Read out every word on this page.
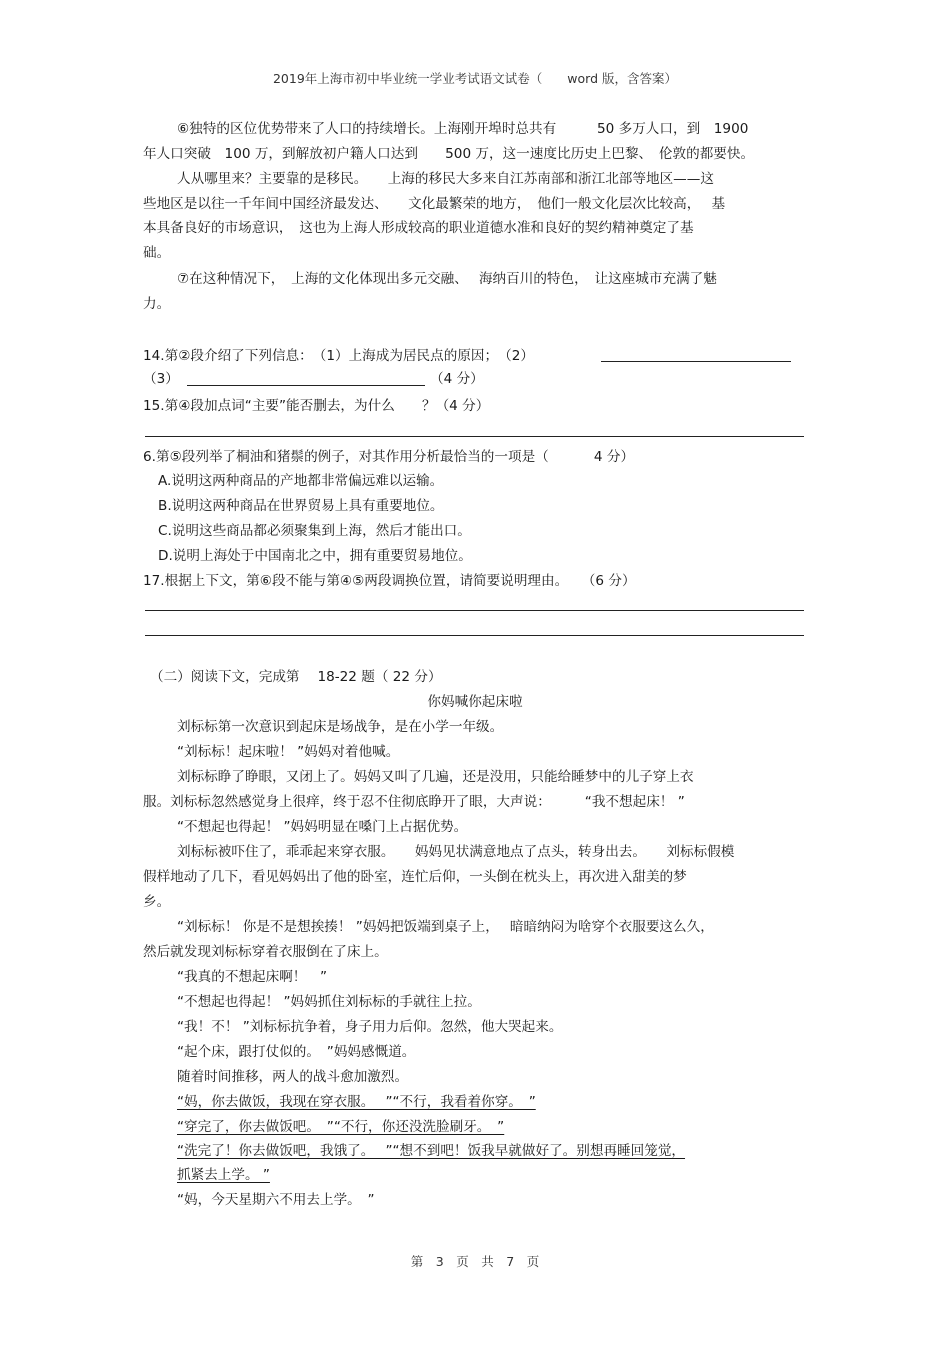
2019年上海市初中毕业统一学业考试语文试卷（　　word 版，含答案）
⑥独特的区位优势带来了人口的持续增长。上海刚开埠时总共有　　　50 多万人口，到　1900
年人口突破　100 万，到解放初户籍人口达到　　500 万，这一速度比历史上巴黎、　伦敦的都要快。
人从哪里来？主要靠的是移民。　　上海的移民大多来自江苏南部和浙江北部等地区——这
些地区是以往一千年间中国经济最发达、　　文化最繁荣的地方，　他们一般文化层次比较高，　 基
本具备良好的市场意识，　这也为上海人形成较高的职业道德水准和良好的契约精神奠定了基
础。
⑦在这种情况下，　上海的文化体现出多元交融、　 海纳百川的特色，　让这座城市充满了魅
力。
14.第②段介绍了下列信息：　（1）上海成为居民点的原因；　（2）
（3）	（4 分）
15.第④段加点词“主要”能否删去，为什么　　？（4 分）
6.第⑤段列举了桐油和猪鬃的例子，对其作用分析最恰当的一项是（　　　 4 分）
A.说明这两种商品的产地都非常偏远难以运输。
B.说明这两种商品在世界贸易上具有重要地位。
C.说明这些商品都必须聚集到上海，然后才能出口。
D.说明上海处于中国南北之中，拥有重要贸易地位。
17.根据上下文，第⑥段不能与第④⑤两段调换位置，请简要说明理由。　　（6 分）
（二）阅读下文，完成第　 18-22 题（ 22 分）
你妈喊你起床啦
刘标标第一次意识到起床是场战争，是在小学一年级。
“刘标标！起床啦！ ”妈妈对着他喊。
刘标标睁了睁眼，又闭上了。妈妈又叫了几遍，还是没用，只能给睡梦中的儿子穿上衣
服。刘标标忽然感觉身上很痒，终于忍不住彻底睁开了眼，大声说：　　　“我不想起床！ ”
“不想起也得起！ ”妈妈明显在嗓门上占据优势。
刘标标被吓住了，乖乖起来穿衣服。　　妈妈见状满意地点了点头，转身出去。　　刘标标假模
假样地动了几下，看见妈妈出了他的卧室，连忙后仰，一头倒在枕头上，再次进入甜美的梦
乡。
“刘标标！ 你是不是想挨揍！ ”妈妈把饭端到桌子上，　 暗暗纳闷为啥穿个衣服要这么久，
然后就发现刘标标穿着衣服倒在了床上。
“我真的不想起床啊！　”
“不想起也得起！ ”妈妈抓住刘标标的手就往上拉。
“我！不！ ”刘标标抗争着，身子用力后仰。忽然，他大哭起来。
“起个床，跟打仗似的。　”妈妈感慨道。
随着时间推移，两人的战斗愈加激烈。
“妈，你去做饭，我现在穿衣服。　 ”“不行，我看着你穿。　”
“穿完了，你去做饭吧。　”“不行，你还没洗脸刷牙。　”
“洗完了！你去做饭吧，我饿了。　 ”“想不到吧！饭我早就做好了。别想再睡回笼觉，
抓紧去上学。 ”
“妈，今天星期六不用去上学。　”
第　3　页　共　7　页
